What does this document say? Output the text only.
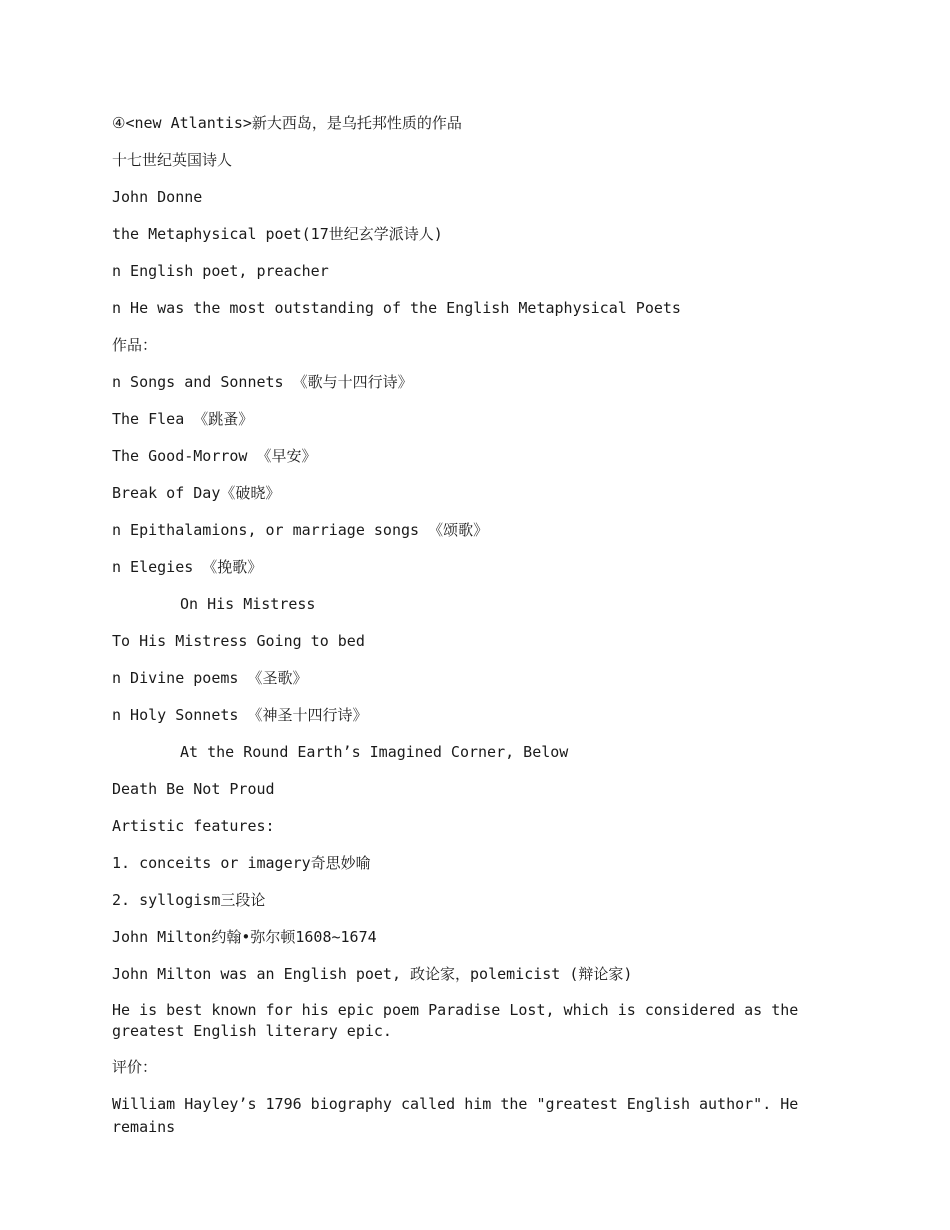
④<new Atlantis>新大西岛，是乌托邦性质的作品

十七世纪英国诗人

John Donne

the Metaphysical poet(17世纪玄学派诗人)

n English poet, preacher

n He was the most outstanding of the English Metaphysical Poets

作品：

n Songs and Sonnets 《歌与十四行诗》

The Flea 《跳蚤》

The Good-Morrow 《早安》

Break of Day《破晓》

n Epithalamions, or marriage songs 《颂歌》

n Elegies 《挽歌》

On His Mistress

To His Mistress Going to bed

n Divine poems 《圣歌》

n Holy Sonnets 《神圣十四行诗》

At the Round Earth’s Imagined Corner, Below

Death Be Not Proud

Artistic features:

1. conceits or imagery奇思妙喻

2. syllogism三段论

John Milton约翰•弥尔顿1608~1674

John Milton was an English poet, 政论家，polemicist (辩论家)

He is best known for his epic poem Paradise Lost, which is considered as the greatest English literary epic.

评价：

William Hayley’s 1796 biography called him the "greatest English author". He remains
